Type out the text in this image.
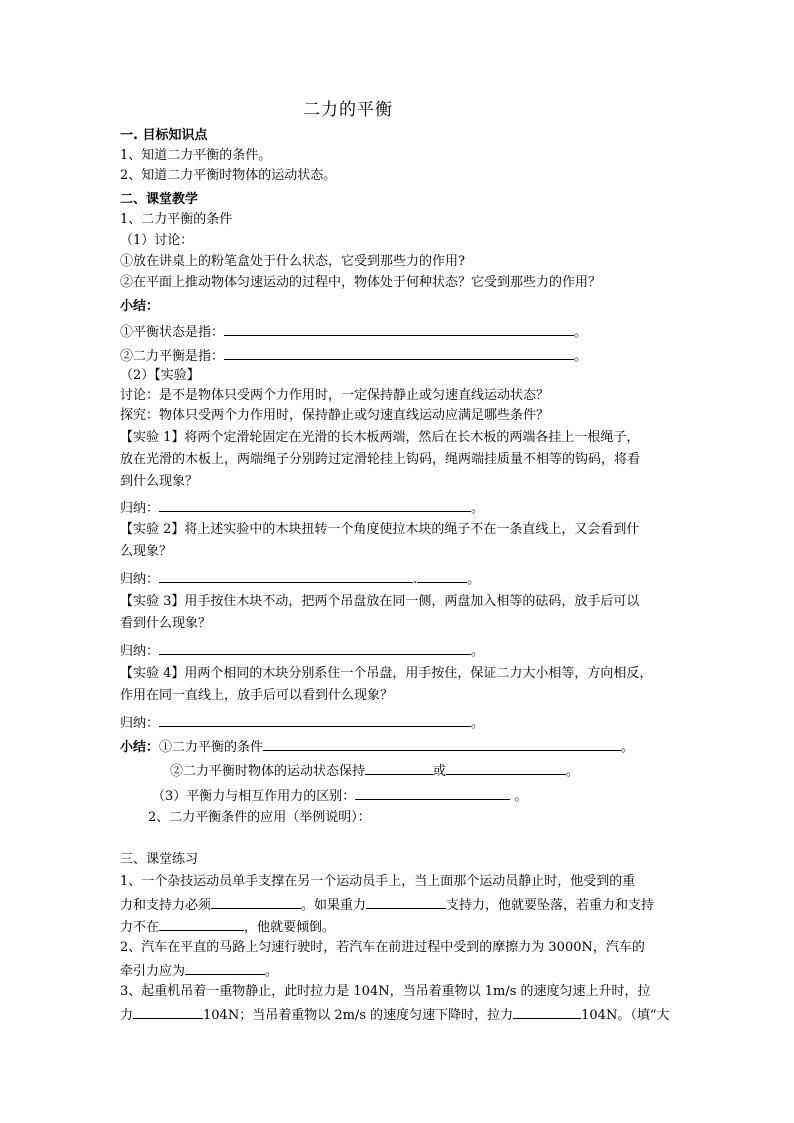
二力的平衡
一. 目标知识点
1、知道二力平衡的条件。
2、知道二力平衡时物体的运动状态。
二、课堂教学
1、二力平衡的条件
（1）讨论：
①放在讲桌上的粉笔盒处于什么状态，它受到那些力的作用?
②在平面上推动物体匀速运动的过程中，物体处于何种状态？它受到那些力的作用？
小结：
①平衡状态是指：	。
②二力平衡是指：	。
（2）【实验】
讨论：是不是物体只受两个力作用时，一定保持静止或匀速直线运动状态？
探究：物体只受两个力作用时，保持静止或匀速直线运动应满足哪些条件？
【实验 1】将两个定滑轮固定在光滑的长木板两端，然后在长木板的两端各挂上一根绳子，
放在光滑的木板上，两端绳子分别跨过定滑轮挂上钩码，绳两端挂质量不相等的钩码，将看
到什么现象？
归纳：	。
【实验 2】将上述实验中的木块扭转一个角度使拉木块的绳子不在一条直线上，又会看到什
么现象？
归纳：	.	。
【实验 3】用手按住木块不动，把两个吊盘放在同一侧，两盘加入相等的砝码，放手后可以
看到什么现象？
归纳：	。
【实验 4】用两个相同的木块分别系住一个吊盘，用手按住，保证二力大小相等，方向相反，
作用在同一直线上，放手后可以看到什么现象？
归纳：	。
小结：①二力平衡的条件	。
②二力平衡时物体的运动状态保持	或	。
（3）平衡力与相互作用力的区别：	。
2、二力平衡条件的应用（举例说明）：
三、课堂练习
1、一个杂技运动员单手支撑在另一个运动员手上，当上面那个运动员静止时，他受到的重
力和支持力必须	。如果重力	支持力，他就要坠落，若重力和支持
力不在	，他就要倾倒。
2、汽车在平直的马路上匀速行驶时，若汽车在前进过程中受到的摩擦力为 3000N，汽车的
牵引力应为	。
3、起重机吊着一重物静止，此时拉力是 104N，当吊着重物以 1m/s 的速度匀速上升时，拉
力	104N；当吊着重物以 2m/s 的速度匀速下降时，拉力	104N。（填“大
